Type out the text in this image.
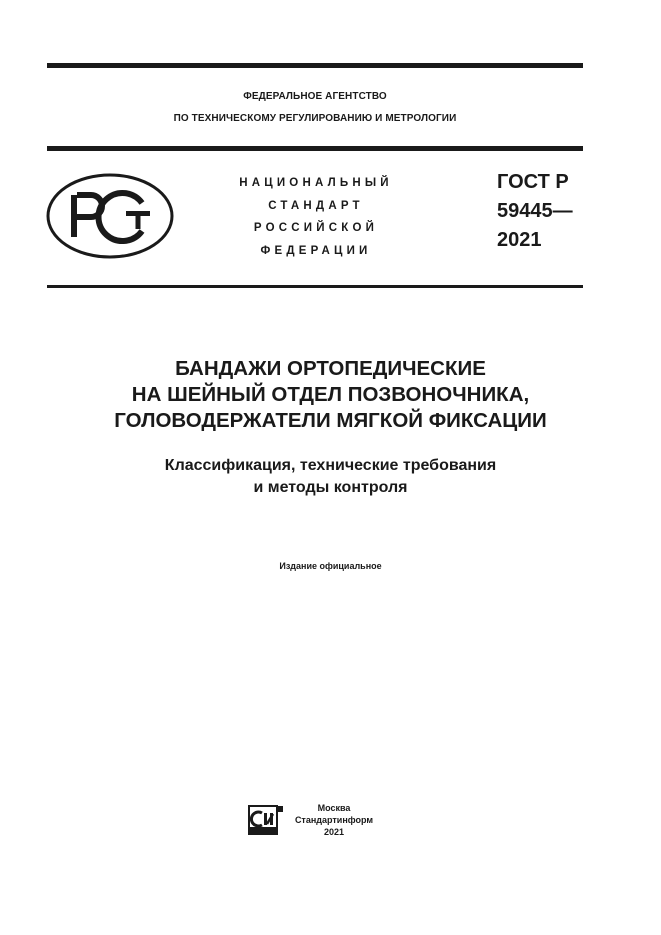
ФЕДЕРАЛЬНОЕ АГЕНТСТВО
ПО ТЕХНИЧЕСКОМУ РЕГУЛИРОВАНИЮ И МЕТРОЛОГИИ
НАЦИОНАЛЬНЫЙ
СТАНДАРТ
РОССИЙСКОЙ
ФЕДЕРАЦИИ
ГОСТ Р
59445—
2021
БАНДАЖИ ОРТОПЕДИЧЕСКИЕ
НА ШЕЙНЫЙ ОТДЕЛ ПОЗВОНОЧНИКА,
ГОЛОВОДЕРЖАТЕЛИ МЯГКОЙ ФИКСАЦИИ
Классификация, технические требования
и методы контроля
Издание официальное
Москва
Стандартинформ
2021
